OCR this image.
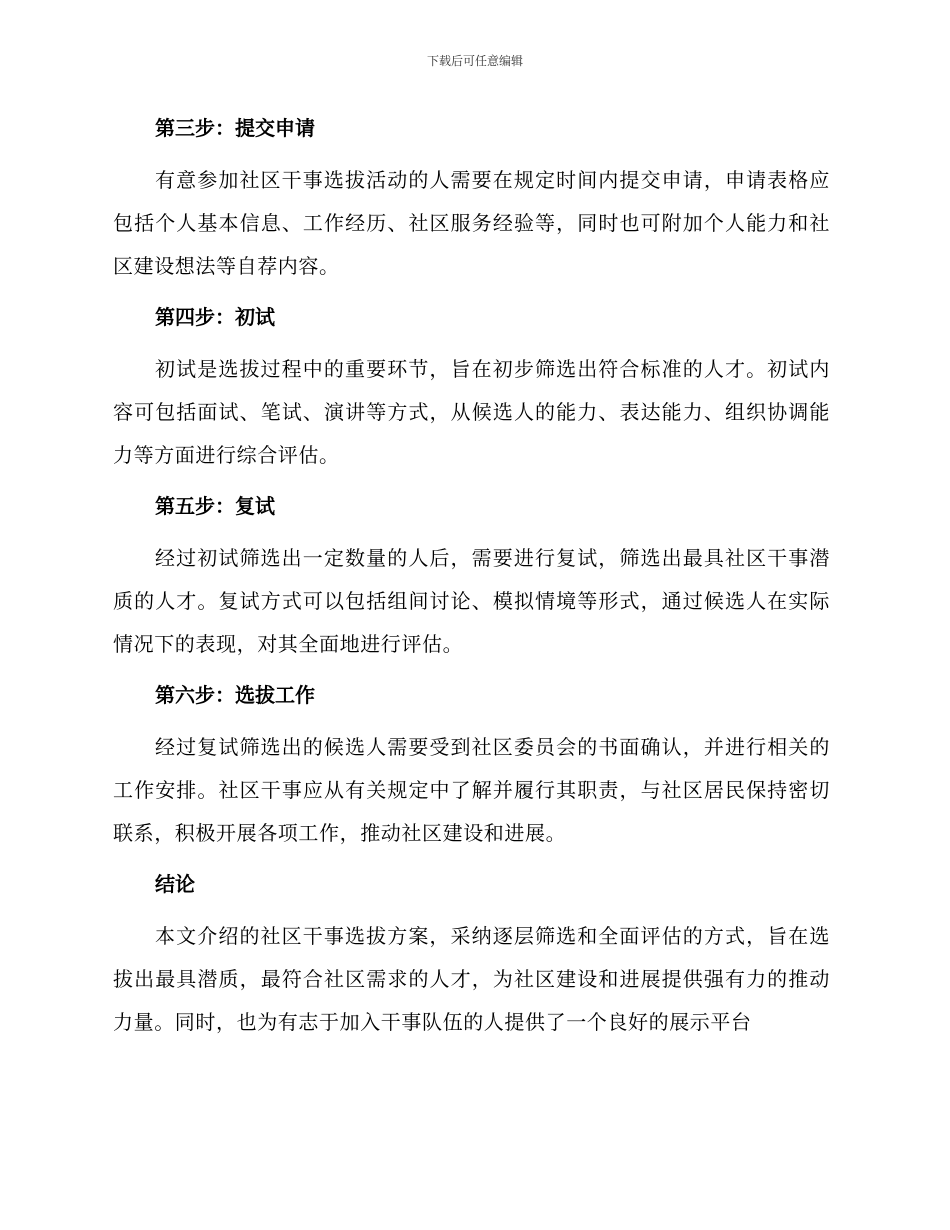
下载后可任意编辑
第三步：提交申请

有意参加社区干事选拔活动的人需要在规定时间内提交申请，申请表格应包括个人基本信息、工作经历、社区服务经验等，同时也可附加个人能力和社区建设想法等自荐内容。

第四步：初试

初试是选拔过程中的重要环节，旨在初步筛选出符合标准的人才。初试内容可包括面试、笔试、演讲等方式，从候选人的能力、表达能力、组织协调能力等方面进行综合评估。

第五步：复试

经过初试筛选出一定数量的人后，需要进行复试，筛选出最具社区干事潜质的人才。复试方式可以包括组间讨论、模拟情境等形式，通过候选人在实际情况下的表现，对其全面地进行评估。

第六步：选拔工作

经过复试筛选出的候选人需要受到社区委员会的书面确认，并进行相关的工作安排。社区干事应从有关规定中了解并履行其职责，与社区居民保持密切联系，积极开展各项工作，推动社区建设和进展。

结论

本文介绍的社区干事选拔方案，采纳逐层筛选和全面评估的方式，旨在选拔出最具潜质，最符合社区需求的人才，为社区建设和进展提供强有力的推动力量。同时，也为有志于加入干事队伍的人提供了一个良好的展示平台
